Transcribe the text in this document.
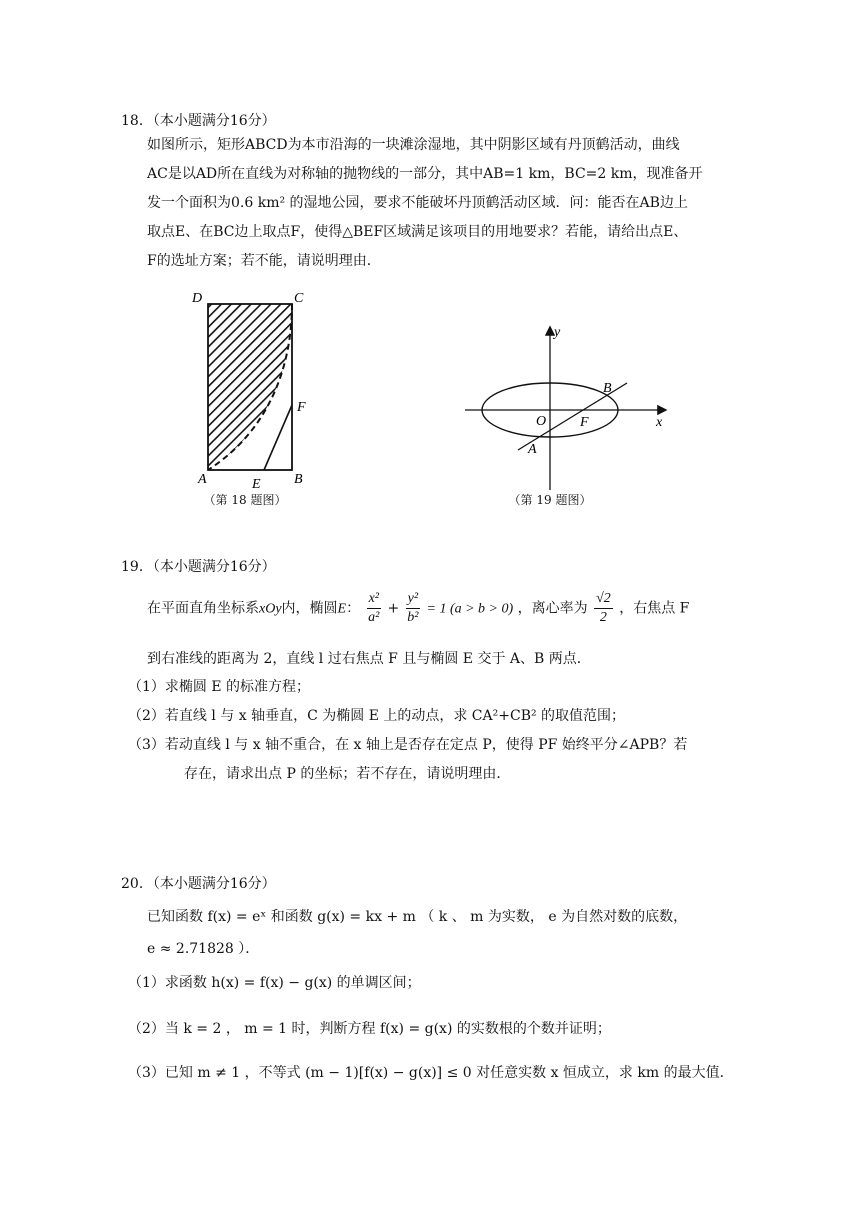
18．（本小题满分16分）
如图所示，矩形ABCD为本市沿海的一块滩涂湿地，其中阴影区域有丹顶鹤活动，曲线
AC是以AD所在直线为对称轴的抛物线的一部分，其中AB=1 km，BC=2 km，现准备开
发一个面积为0.6 km² 的湿地公园，要求不能破坏丹顶鹤活动区域．问：能否在AB边上
取点E、在BC边上取点F，使得△BEF区域满足该项目的用地要求？若能，请给出点E、
F的选址方案；若不能，请说明理由．
D	C
F
A	E B
（第 18 题图）
y
x
O F
B
A
（第 19 题图）
19．（本小题满分16分）
在平面直角坐标系xOy内，椭圆E： $\frac{\text{x²}}{\text{a²}} + \frac{\text{y²}}{\text{b²}} = 1$ (a > b > 0) ，离心率为 $\frac{√2}{2}$ ，右焦点 F
到右准线的距离为 2，直线 l 过右焦点 F 且与椭圆 E 交于 A、B 两点．
（1）求椭圆 E 的标准方程；
（2）若直线 l 与 x 轴垂直，C 为椭圆 E 上的动点，求 CA²+CB² 的取值范围；
（3）若动直线 l 与 x 轴不重合，在 x 轴上是否存在定点 P，使得 PF 始终平分∠APB？若
存在，请求出点 P 的坐标；若不存在，请说明理由．
20．（本小题满分16分）
已知函数 f(x) = eˣ 和函数 g(x) = kx + m （ k 、 m 为实数， e 为自然对数的底数，
e ≈ 2.71828 ）．
（1）求函数 h(x) = f(x) − g(x) 的单调区间；
（2）当 k = 2 ， m = 1 时，判断方程 f(x) = g(x) 的实数根的个数并证明；
（3）已知 m ≠ 1 ，不等式 (m − 1)[f(x) − g(x)] ≤ 0 对任意实数 x 恒成立，求 km 的最大值．
